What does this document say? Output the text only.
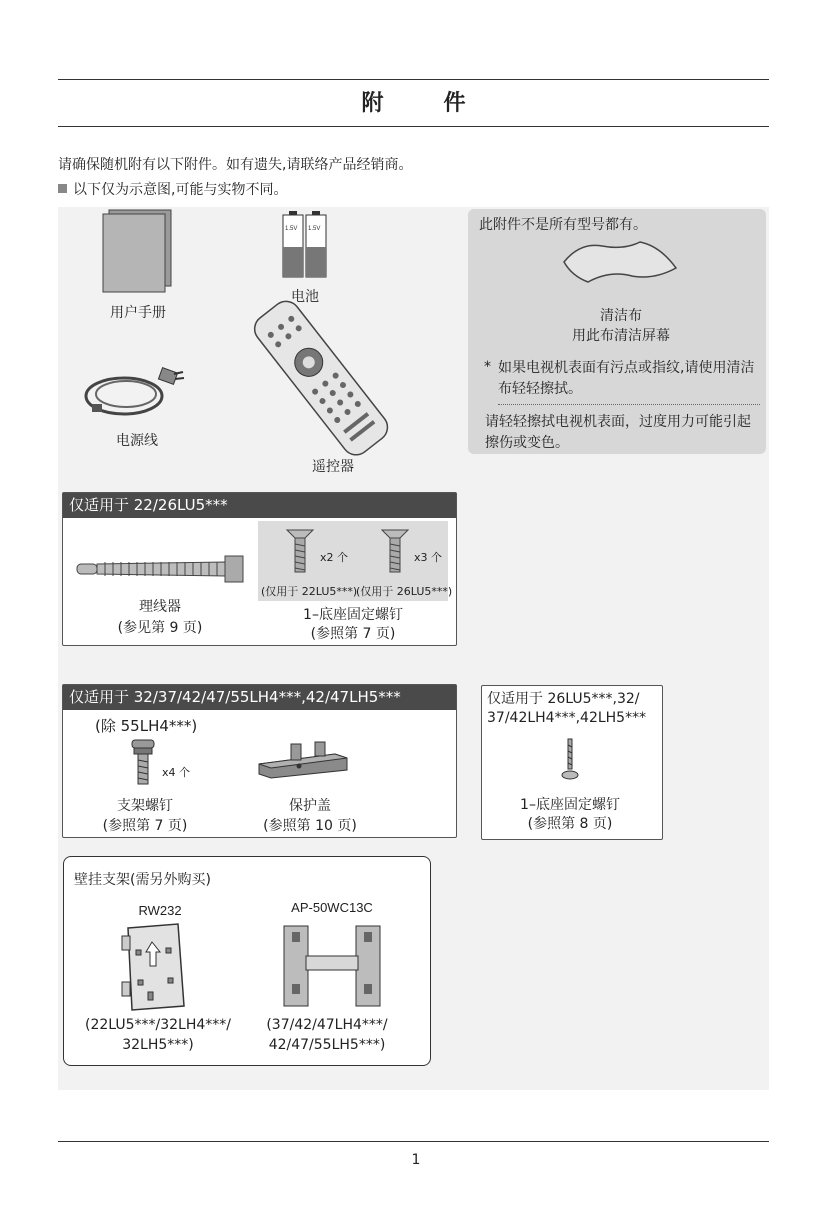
附	件
请确保随机附有以下附件。如有遗失,请联络产品经销商。
以下仅为示意图,可能与实物不同。
用户手册
1.5V 1.5V
电池
电源线
遥控器
此附件不是所有型号都有。
清洁布
用此布清洁屏幕
* 如果电视机表面有污点或指纹,请使用清洁布轻轻擦拭。
请轻轻擦拭电视机表面，过度用力可能引起擦伤或变色。
仅适用于 22/26LU5***
理线器
(参见第 9 页)
x2 个	x3 个
(仅用于 22LU5***)
(仅用于 26LU5***)
1–底座固定螺钉
(参照第 7 页)
仅适用于 32/37/42/47/55LH4***,42/47LH5***
(除 55LH4***)
x4 个
支架螺钉
(参照第 7 页)
保护盖
(参照第 10 页)
仅适用于 26LU5***,32/
37/42LH4***,42LH5***
1–底座固定螺钉
(参照第 8 页)
壁挂支架(需另外购买)
RW232
(22LU5***/32LH4***/
32LH5***)
AP-50WC13C
(37/42/47LH4***/
42/47/55LH5***)
1
